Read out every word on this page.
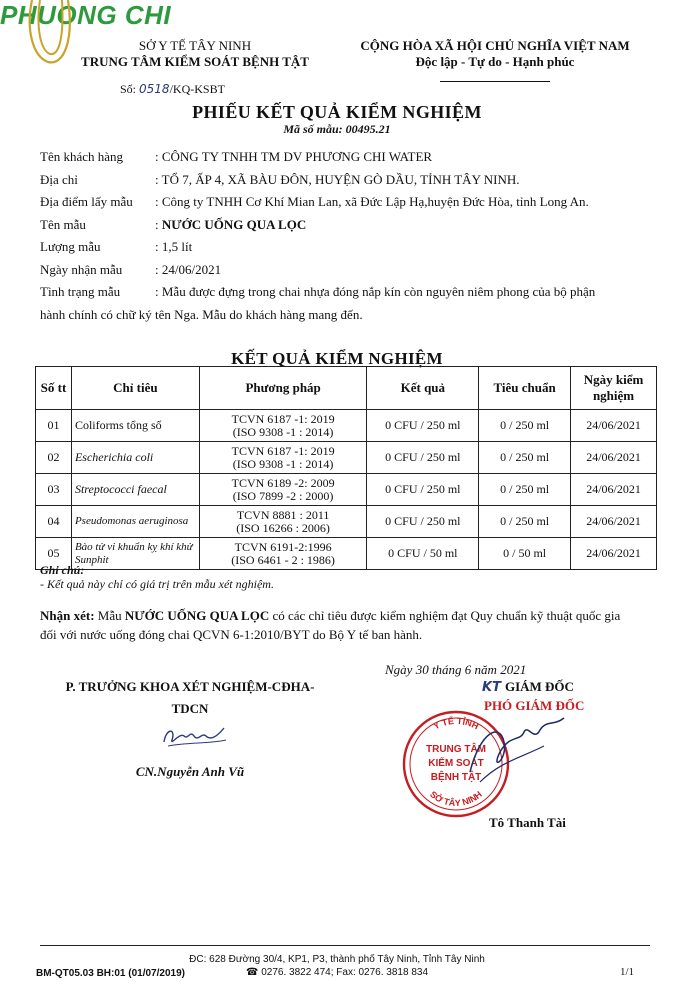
PHUONG CHI
SỞ Y TẾ TÂY NINH
TRUNG TÂM KIỂM SOÁT BỆNH TẬT
CỘNG HÒA XÃ HỘI CHỦ NGHĨA VIỆT NAM
Độc lập - Tự do - Hạnh phúc
Số: 0518/KQ-KSBT
PHIẾU KẾT QUẢ KIỂM NGHIỆM
Mã số mẫu: 00495.21
Tên khách hàng	: CÔNG TY TNHH TM DV PHƯƠNG CHI WATER
Địa chỉ	: TỔ 7, ẤP 4, XÃ BÀU ĐÔN, HUYỆN GÒ DẦU, TỈNH TÂY NINH.
Địa điểm lấy mẫu	: Công ty TNHH Cơ Khí Mian Lan, xã Đức Lập Hạ,huyện Đức Hòa, tỉnh Long An.
Tên mẫu	: NƯỚC UỐNG QUA LỌC
Lượng mẫu	: 1,5 lít
Ngày nhận mẫu	: 24/06/2021
Tình trạng mẫu	: Mẫu được đựng trong chai nhựa đóng nắp kín còn nguyên niêm phong của bộ phận
hành chính có chữ ký tên Nga. Mẫu do khách hàng mang đến.
KẾT QUẢ KIỂM NGHIỆM
Số tt	Chỉ tiêu	Phương pháp	Kết quả	Tiêu chuẩn	Ngày kiểm nghiệm
01	Coliforms tổng số	TCVN 6187 -1: 2019
(ISO 9308 -1 : 2014)	0 CFU / 250 ml	0 / 250 ml	24/06/2021
02	Escherichia coli	TCVN 6187 -1: 2019
(ISO 9308 -1 : 2014)	0 CFU / 250 ml	0 / 250 ml	24/06/2021
03	Streptococci faecal	TCVN 6189 -2: 2009
(ISO 7899 -2 : 2000)	0 CFU / 250 ml	0 / 250 ml	24/06/2021
04	Pseudomonas aeruginosa	TCVN 8881 : 2011
(ISO 16266 : 2006)	0 CFU / 250 ml	0 / 250 ml	24/06/2021
05	Bào tử vi khuẩn kỵ khí khử Sunphit	TCVN 6191-2:1996
(ISO 6461 - 2 : 1986)	0 CFU / 50 ml	0 / 50 ml	24/06/2021
Ghi chú:
- Kết quả này chỉ có giá trị trên mẫu xét nghiệm.
Nhận xét: Mẫu NƯỚC UỐNG QUA LỌC có các chỉ tiêu được kiểm nghiệm đạt Quy chuẩn kỹ thuật quốc gia đối với nước uống đóng chai QCVN 6-1:2010/BYT do Bộ Y tế ban hành.
Ngày 30 tháng 6 năm 2021
P. TRƯỞNG KHOA XÉT NGHIỆM-CĐHA-
TDCN
CN.Nguyễn Anh Vũ
KT GIÁM ĐỐC
PHÓ GIÁM ĐỐC
Y TẾ TỈNH
SỞ TÂY NINH
TRUNG TÂM
KIỂM SOÁT
BỆNH TẬT
Tô Thanh Tài
ĐC: 628 Đường 30/4, KP1, P3, thành phố Tây Ninh, Tỉnh Tây Ninh
☎ 0276. 3822 474; Fax: 0276. 3818 834
BM-QT05.03 BH:01 (01/07/2019)	1/1
